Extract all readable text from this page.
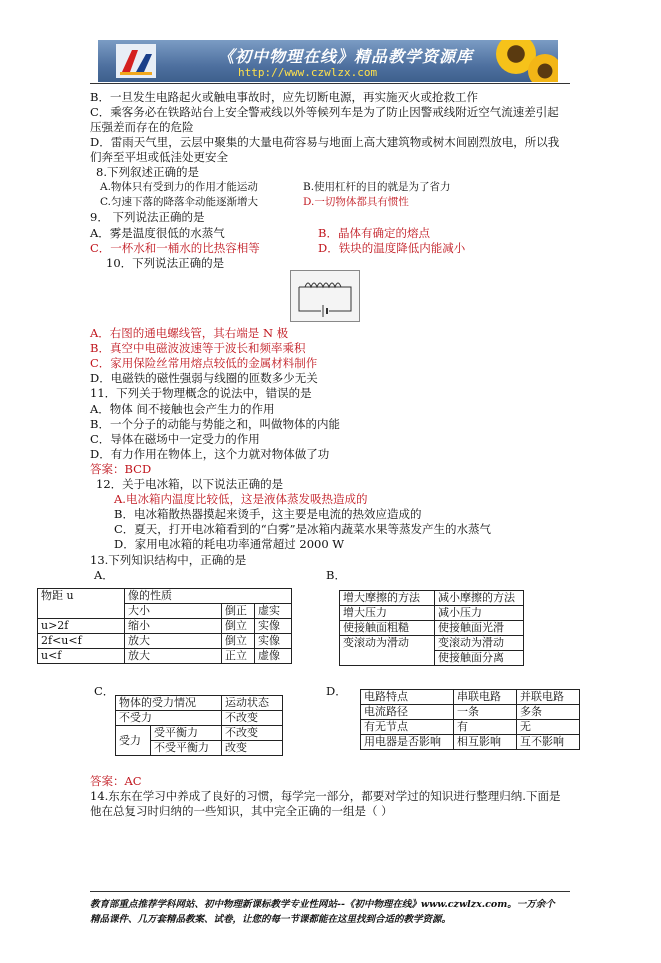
《初中物理在线》精品教学资源库
http://www.czwlzx.com
B．一旦发生电路起火或触电事故时，应先切断电源，再实施灭火或抢救工作
C．乘客务必在铁路站台上安全警戒线以外等候列车是为了防止因警戒线附近空气流速差引起
压强差而存在的危险
D．雷雨天气里，云层中聚集的大量电荷容易与地面上高大建筑物或树木间剧烈放电，所以我
们奔至平坦或低洼处更安全
8.下列叙述正确的是
A.物体只有受到力的作用才能运动	B.使用杠杆的目的就是为了省力
C.匀速下落的降落伞动能逐渐增大	D.一切物体都具有惯性
9． 下列说法正确的是
A．雾是温度很低的水蒸气	B．晶体有确定的熔点
C．一杯水和一桶水的比热容相等	D．铁块的温度降低内能减小
10．下列说法正确的是
A．右图的通电螺线管，其右端是 N 极
B．真空中电磁波波速等于波长和频率乘积
C．家用保险丝常用熔点较低的金属材料制作
D．电磁铁的磁性强弱与线圈的匝数多少无关
11．下列关于物理概念的说法中，错误的是
A．物体 间不接触也会产生力的作用
B．一个分子的动能与势能之和，叫做物体的内能
C．导体在磁场中一定受力的作用
D．有力作用在物体上，这个力就对物体做了功
答案：BCD
12．关于电冰箱，以下说法正确的是
A.电冰箱内温度比较低，这是液体蒸发吸热造成的
B．电冰箱散热器摸起来烫手，这主要是电流的热效应造成的
C．夏天，打开电冰箱看到的“白雾”是冰箱内蔬菜水果等蒸发产生的水蒸气
D．家用电冰箱的耗电功率通常超过 2000 W
13.下列知识结构中，正确的是
A．	B．
C．	D．
答案：AC
14.东东在学习中养成了良好的习惯，每学完一部分，都要对学过的知识进行整理归纳.下面是
他在总复习时归纳的一些知识，其中完全正确的一组是（ ）
物距 u	像的性质		
	大小	倒正	虚实
u>2f	缩小	倒立	实像
2f<u<f	放大	倒立	实像
u<f	放大	正立	虚像
增大摩擦的方法	减小摩擦的方法
增大压力	减小压力
使接触面粗糙	使接触面光滑
变滚动为滑动	变滚动为滑动
	使接触面分离
物体的受力情况		运动状态
不受力		不改变
受力	受平衡力	不改变
	不受平衡力	改变
电路特点	串联电路	并联电路
电流路径	一条	多条
有无节点	有	无
用电器是否影响	相互影响	互不影响
教育部重点推荐学科网站、初中物理新课标教学专业性网站--《初中物理在线》www.czwlzx.com。一万余个
精品课件、几万套精品教案、试卷，让您的每一节课都能在这里找到合适的教学资源。
